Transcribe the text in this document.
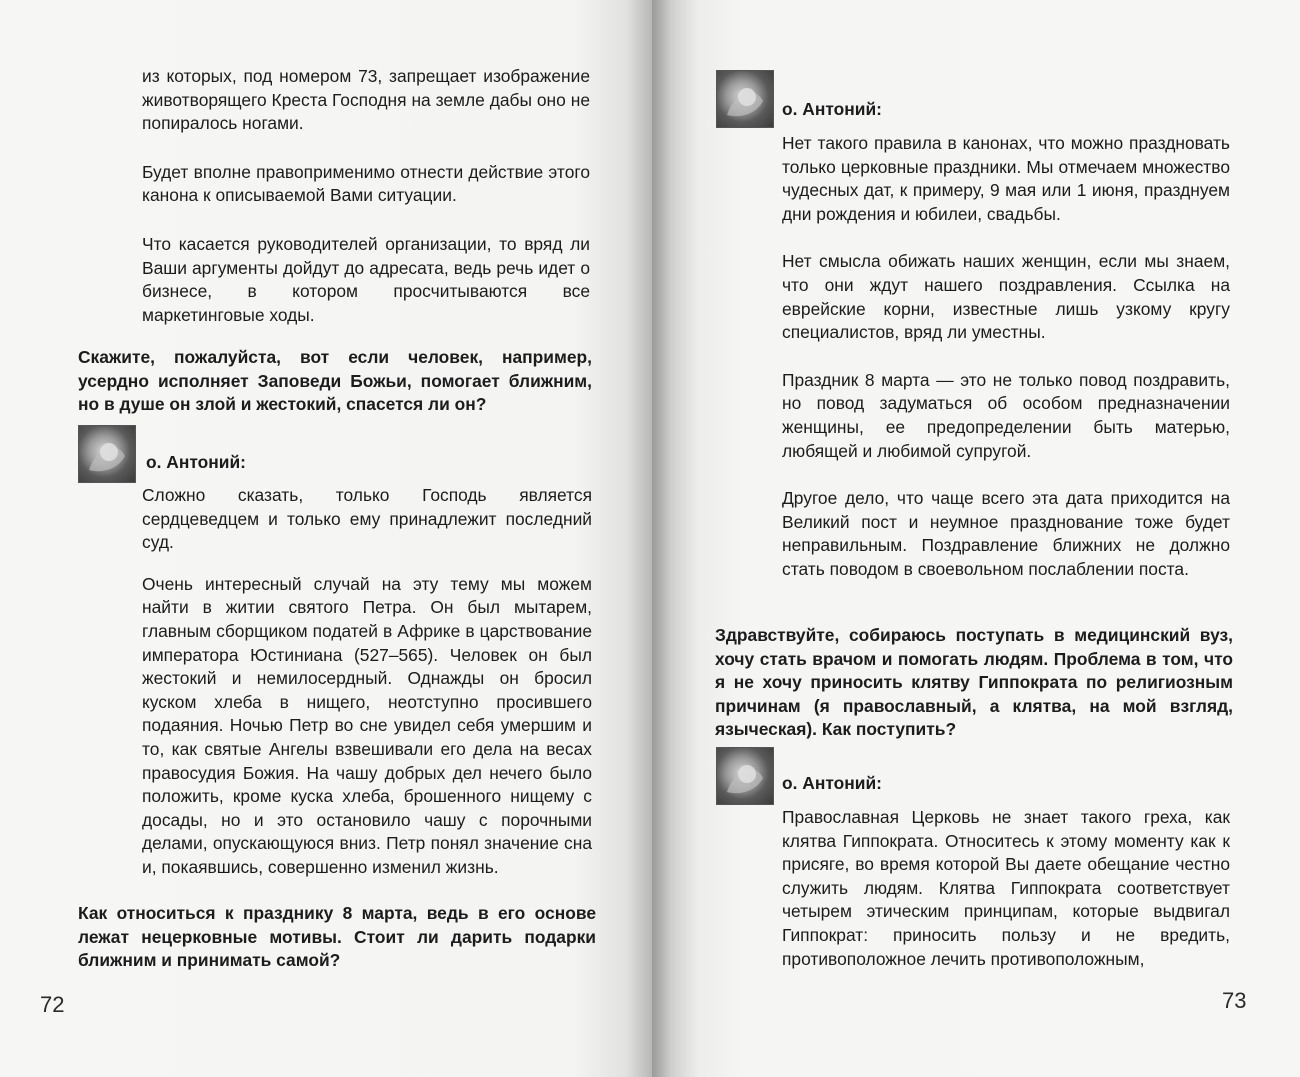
из которых, под номером 73, запрещает изображение животворящего Креста Господня на земле дабы оно не попиралось ногами.

Будет вполне правоприменимо отнести действие этого канона к описываемой Вами ситуации.

Что касается руководителей организации, то вряд ли Ваши аргументы дойдут до адресата, ведь речь идет о бизнесе, в котором просчитываются все маркетинговые ходы.

Скажите, пожалуйста, вот если человек, например, усердно исполняет Заповеди Божьи, помогает ближним, но в душе он злой и жестокий, спасется ли он?

о. Антоний:

Сложно сказать, только Господь является сердцеведцем и только ему принадлежит последний суд.

Очень интересный случай на эту тему мы можем найти в житии святого Петра. Он был мытарем, главным сборщиком податей в Африке в царствование императора Юстиниана (527–565). Человек он был жестокий и немилосердный. Однажды он бросил куском хлеба в нищего, неотступно просившего подаяния. Ночью Петр во сне увидел себя умершим и то, как святые Ангелы взвешивали его дела на весах правосудия Божия. На чашу добрых дел нечего было положить, кроме куска хлеба, брошенного нищему с досады, но и это остановило чашу с порочными делами, опускающуюся вниз. Петр понял значение сна и, покаявшись, совершенно изменил жизнь.

Как относиться к празднику 8 марта, ведь в его основе лежат нецерковные мотивы. Стоит ли дарить подарки ближним и принимать самой?

72
о. Антоний:

Нет такого правила в канонах, что можно праздновать только церковные праздники. Мы отмечаем множество чудесных дат, к примеру, 9 мая или 1 июня, празднуем дни рождения и юбилеи, свадьбы.

Нет смысла обижать наших женщин, если мы знаем, что они ждут нашего поздравления. Ссылка на еврейские корни, известные лишь узкому кругу специалистов, вряд ли уместны.

Праздник 8 марта — это не только повод поздравить, но повод задуматься об особом предназначении женщины, ее предопределении быть матерью, любящей и любимой супругой.

Другое дело, что чаще всего эта дата приходится на Великий пост и неумное празднование тоже будет неправильным. Поздравление ближних не должно стать поводом в своевольном послаблении поста.

Здравствуйте, собираюсь поступать в медицинский вуз, хочу стать врачом и помогать людям. Проблема в том, что я не хочу приносить клятву Гиппократа по религиозным причинам (я православный, а клятва, на мой взгляд, языческая). Как поступить?

о. Антоний:

Православная Церковь не знает такого греха, как клятва Гиппократа. Относитесь к этому моменту как к присяге, во время которой Вы даете обещание честно служить людям. Клятва Гиппократа соответствует четырем этическим принципам, которые выдвигал Гиппократ: приносить пользу и не вредить, противоположное лечить противоположным,

73
